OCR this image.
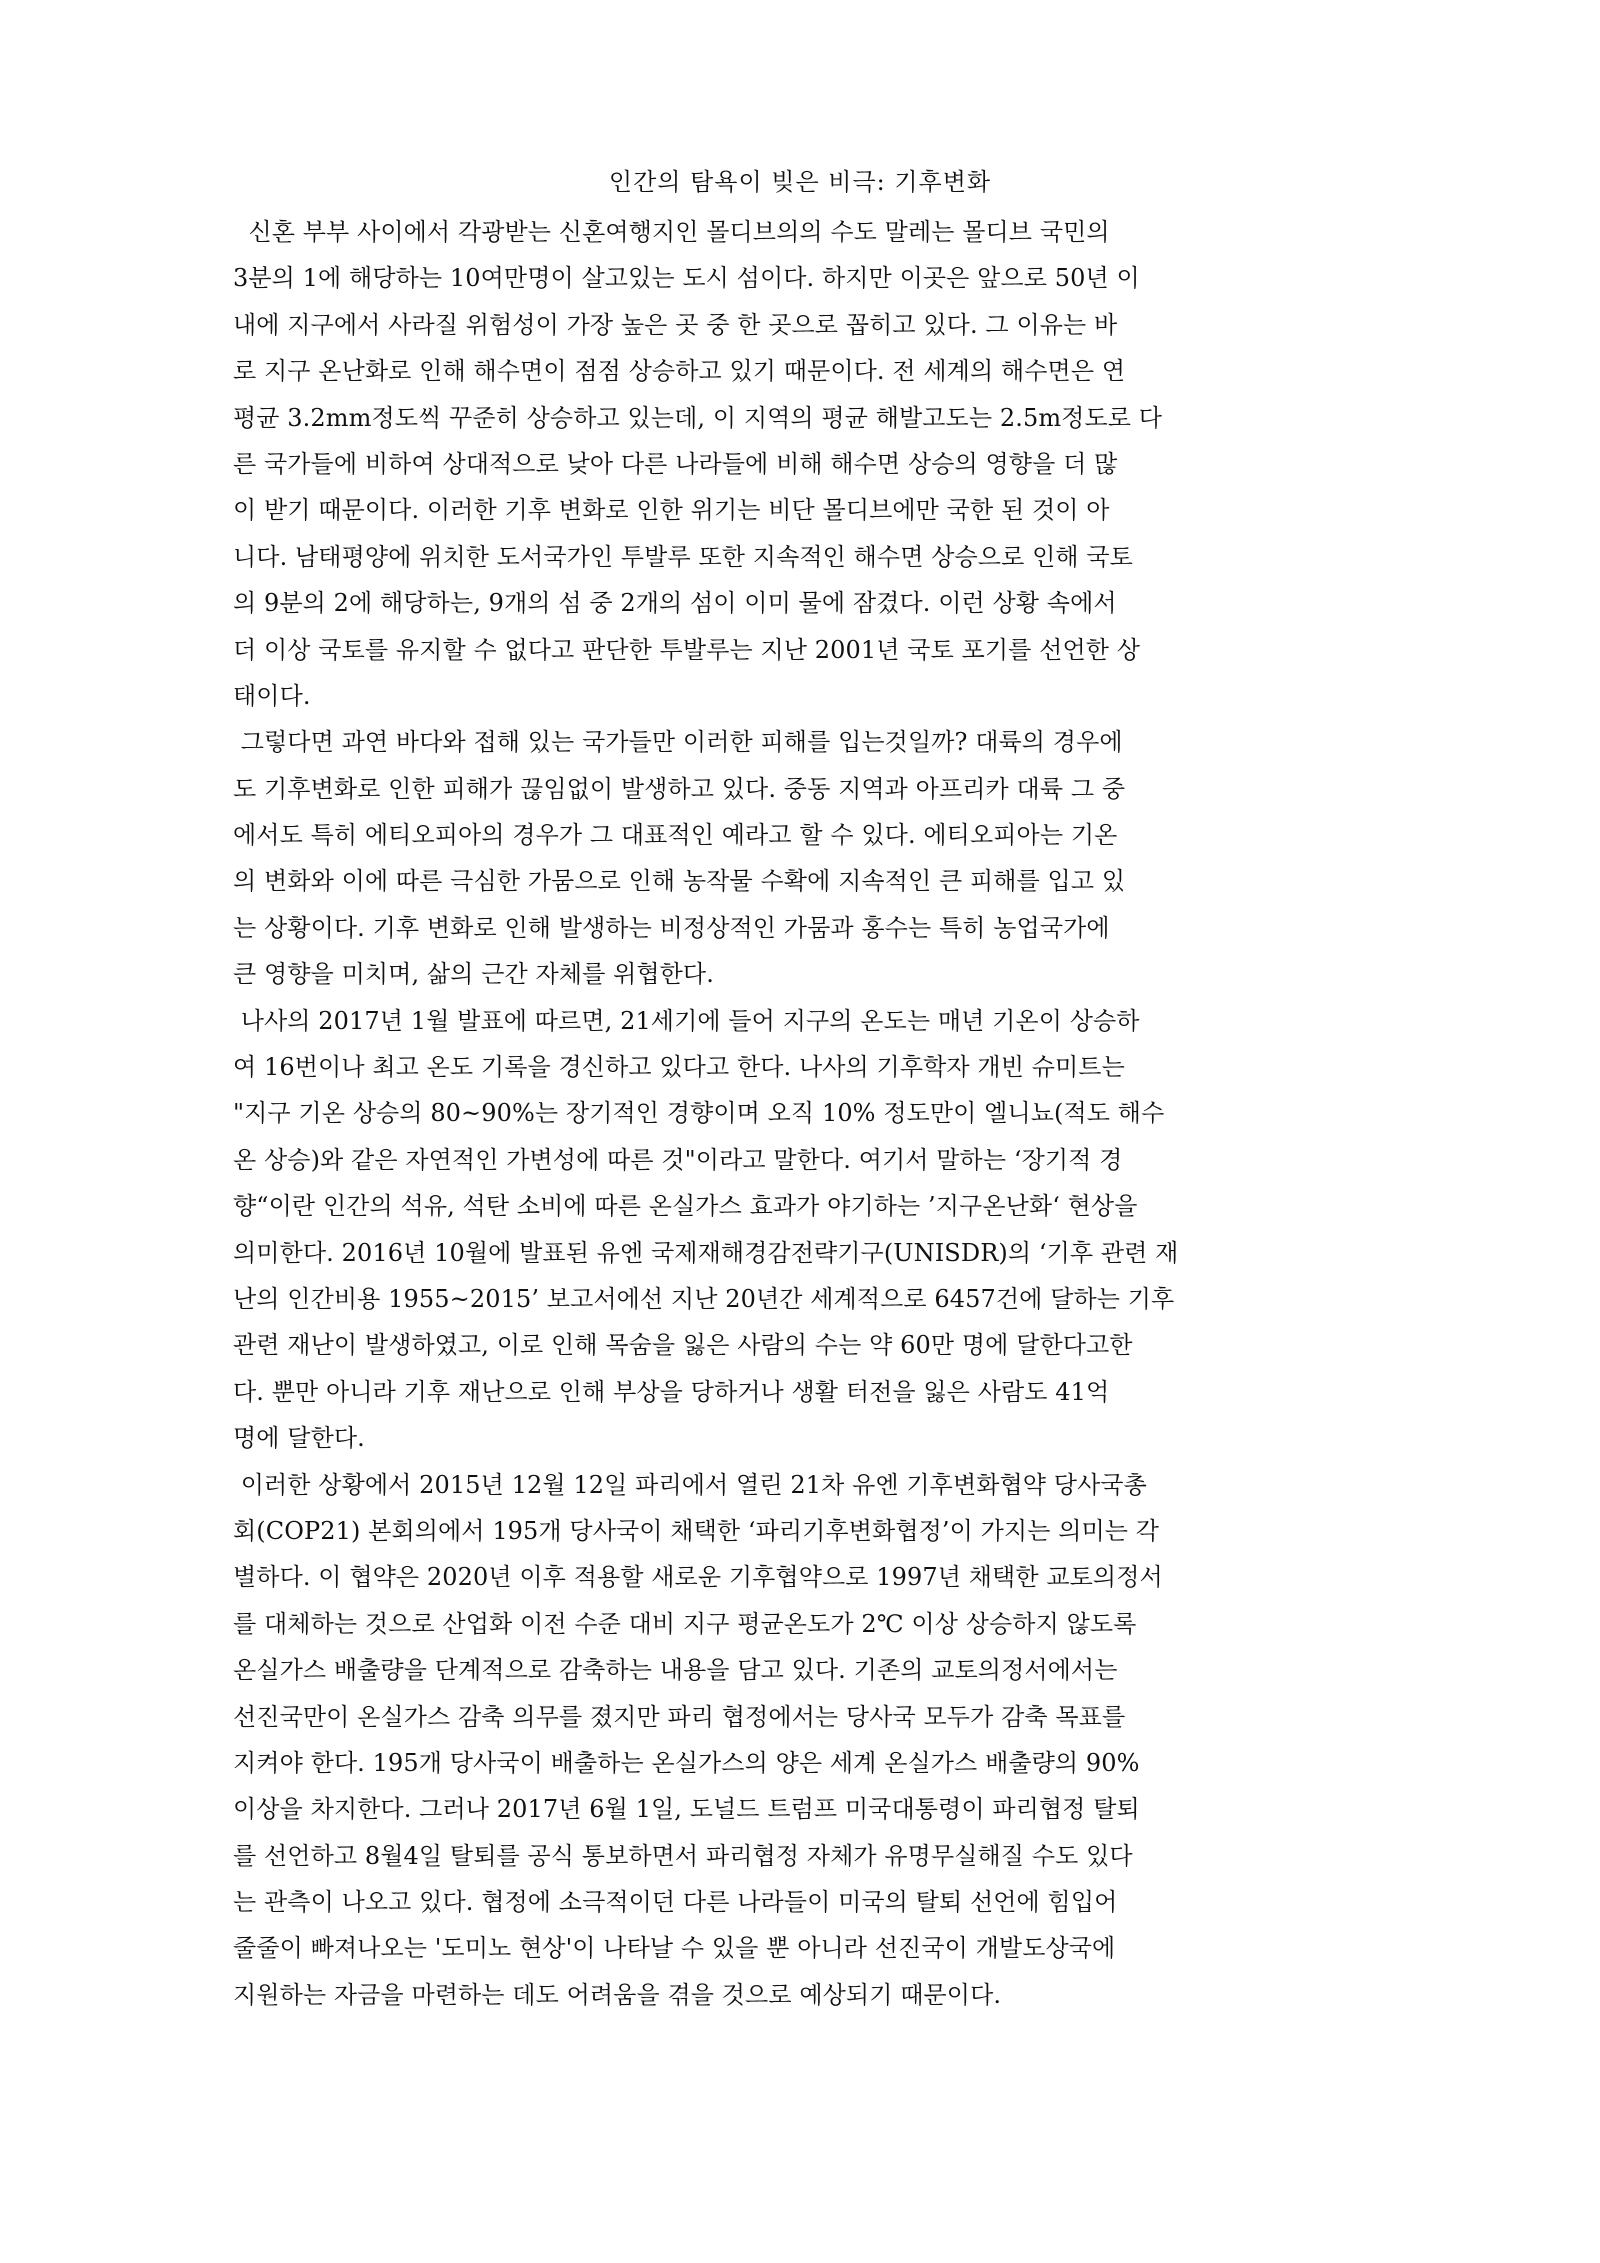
인간의 탐욕이 빚은 비극: 기후변화
신혼 부부 사이에서 각광받는 신혼여행지인 몰디브의의 수도 말레는 몰디브 국민의
3분의 1에 해당하는 10여만명이 살고있는 도시 섬이다. 하지만 이곳은 앞으로 50년 이
내에 지구에서 사라질 위험성이 가장 높은 곳 중 한 곳으로 꼽히고 있다. 그 이유는 바
로 지구 온난화로 인해 해수면이 점점 상승하고 있기 때문이다. 전 세계의 해수면은 연
평균 3.2mm정도씩 꾸준히 상승하고 있는데, 이 지역의 평균 해발고도는 2.5m정도로 다
른 국가들에 비하여 상대적으로 낮아 다른 나라들에 비해 해수면 상승의 영향을 더 많
이 받기 때문이다. 이러한 기후 변화로 인한 위기는 비단 몰디브에만 국한 된 것이 아
니다. 남태평양에 위치한 도서국가인 투발루 또한 지속적인 해수면 상승으로 인해 국토
의 9분의 2에 해당하는, 9개의 섬 중 2개의 섬이 이미 물에 잠겼다. 이런 상황 속에서
더 이상 국토를 유지할 수 없다고 판단한 투발루는 지난 2001년 국토 포기를 선언한 상
태이다.
그렇다면 과연 바다와 접해 있는 국가들만 이러한 피해를 입는것일까? 대륙의 경우에
도 기후변화로 인한 피해가 끊임없이 발생하고 있다. 중동 지역과 아프리카 대륙 그 중
에서도 특히 에티오피아의 경우가 그 대표적인 예라고 할 수 있다. 에티오피아는 기온
의 변화와 이에 따른 극심한 가뭄으로 인해 농작물 수확에 지속적인 큰 피해를 입고 있
는 상황이다. 기후 변화로 인해 발생하는 비정상적인 가뭄과 홍수는 특히 농업국가에
큰 영향을 미치며, 삶의 근간 자체를 위협한다.
나사의 2017년 1월 발표에 따르면, 21세기에 들어 지구의 온도는 매년 기온이 상승하
여 16번이나 최고 온도 기록을 경신하고 있다고 한다. 나사의 기후학자 개빈 슈미트는
"지구 기온 상승의 80~90%는 장기적인 경향이며 오직 10% 정도만이 엘니뇨(적도 해수
온 상승)와 같은 자연적인 가변성에 따른 것"이라고 말한다. 여기서 말하는 ‘장기적 경
향“이란 인간의 석유, 석탄 소비에 따른 온실가스 효과가 야기하는 ’지구온난화‘ 현상을
의미한다. 2016년 10월에 발표된 유엔 국제재해경감전략기구(UNISDR)의 ‘기후 관련 재
난의 인간비용 1955~2015’ 보고서에선 지난 20년간 세계적으로 6457건에 달하는 기후
관련 재난이 발생하였고, 이로 인해 목숨을 잃은 사람의 수는 약 60만 명에 달한다고한
다. 뿐만 아니라 기후 재난으로 인해 부상을 당하거나 생활 터전을 잃은 사람도 41억
명에 달한다.
이러한 상황에서 2015년 12월 12일 파리에서 열린 21차 유엔 기후변화협약 당사국총
회(COP21) 본회의에서 195개 당사국이 채택한 ‘파리기후변화협정’이 가지는 의미는 각
별하다. 이 협약은 2020년 이후 적용할 새로운 기후협약으로 1997년 채택한 교토의정서
를 대체하는 것으로 산업화 이전 수준 대비 지구 평균온도가 2℃ 이상 상승하지 않도록
온실가스 배출량을 단계적으로 감축하는 내용을 담고 있다. 기존의 교토의정서에서는
선진국만이 온실가스 감축 의무를 졌지만 파리 협정에서는 당사국 모두가 감축 목표를
지켜야 한다. 195개 당사국이 배출하는 온실가스의 양은 세계 온실가스 배출량의 90%
이상을 차지한다. 그러나 2017년 6월 1일, 도널드 트럼프 미국대통령이 파리협정 탈퇴
를 선언하고 8월4일 탈퇴를 공식 통보하면서 파리협정 자체가 유명무실해질 수도 있다
는 관측이 나오고 있다. 협정에 소극적이던 다른 나라들이 미국의 탈퇴 선언에 힘입어
줄줄이 빠져나오는 '도미노 현상'이 나타날 수 있을 뿐 아니라 선진국이 개발도상국에
지원하는 자금을 마련하는 데도 어려움을 겪을 것으로 예상되기 때문이다.
